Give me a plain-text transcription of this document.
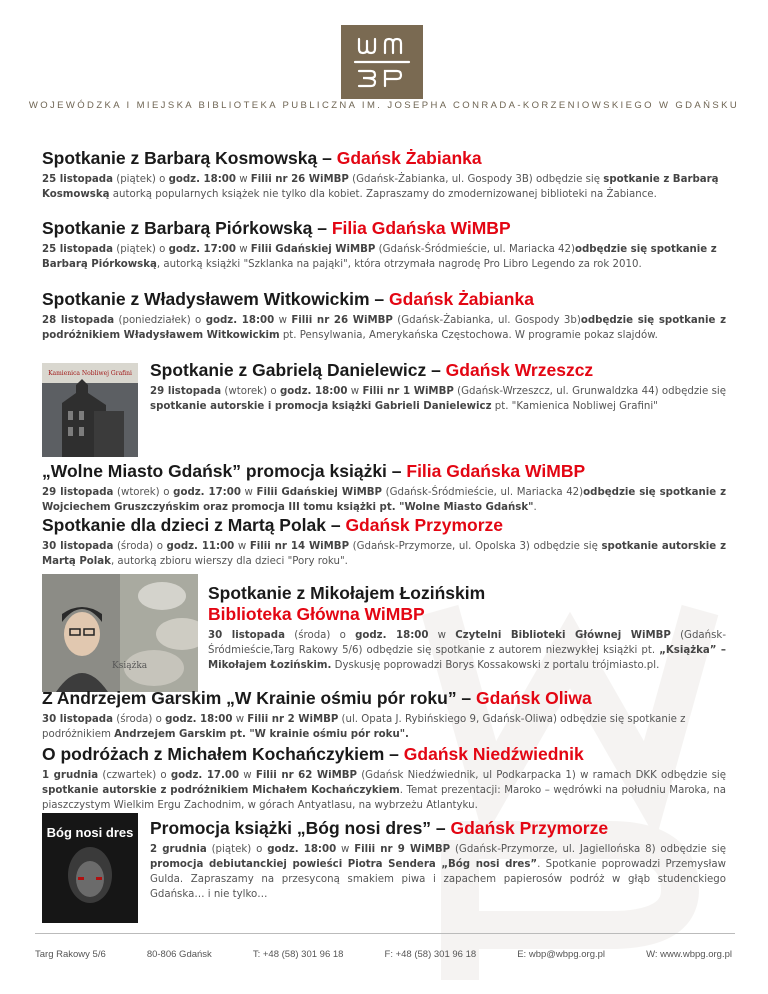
WOJEWÓDZKA I MIEJSKA BIBLIOTEKA PUBLICZNA IM. JOSEPHA CONRADA-KORZENIOWSKIEGO W GDAŃSKU
Spotkanie z Barbarą Kosmowską – Gdańsk Żabianka
25 listopada (piątek) o godz. 18:00 w Filii nr 26 WiMBP (Gdańsk-Żabianka, ul. Gospody 3B) odbędzie się spotkanie z Barbarą Kosmowską autorką popularnych książek nie tylko dla kobiet. Zapraszamy do zmodernizowanej biblioteki na Żabiance.
Spotkanie z Barbarą Piórkowską – Filia Gdańska WiMBP
25 listopada (piątek) o godz. 17:00 w Filii Gdańskiej WiMBP (Gdańsk-Śródmieście, ul. Mariacka 42)odbędzie się spotkanie z Barbarą Piórkowską, autorką książki "Szklanka na pająki", która otrzymała nagrodę Pro Libro Legendo za rok 2010.
Spotkanie z Władysławem Witkowickim – Gdańsk Żabianka
28 listopada (poniedziałek) o godz. 18:00 w Filii nr 26 WiMBP (Gdańsk-Żabianka, ul. Gospody 3b)odbędzie się spotkanie z podróżnikiem Władysławem Witkowickim pt. Pensylwania, Amerykańska Częstochowa. W programie pokaz slajdów.
Kamienica Nobliwej Grafini Spotkanie z Gabrielą Danielewicz – Gdańsk Wrzeszcz
29 listopada (wtorek) o godz. 18:00 w Filii nr 1 WiMBP (Gdańsk-Wrzeszcz, ul. Grunwaldzka 44) odbędzie się spotkanie autorskie i promocja książki Gabrieli Danielewicz pt. "Kamienica Nobliwej Grafini"
„Wolne Miasto Gdańsk” promocja książki – Filia Gdańska WiMBP
29 listopada (wtorek) o godz. 17:00 w Filii Gdańskiej WiMBP (Gdańsk-Śródmieście, ul. Mariacka 42)odbędzie się spotkanie z Wojciechem Gruszczyńskim oraz promocja III tomu książki pt. "Wolne Miasto Gdańsk".
Spotkanie dla dzieci z Martą Polak – Gdańsk Przymorze
30 listopada (środa) o godz. 11:00 w Filii nr 14 WiMBP (Gdańsk-Przymorze, ul. Opolska 3) odbędzie się spotkanie autorskie z Martą Polak, autorką zbioru wierszy dla dzieci "Pory roku".
Książka
Spotkanie z Mikołajem Łozińskim
Biblioteka Główna WiMBP
30 listopada (środa) o godz. 18:00 w Czytelni Biblioteki Głównej WiMBP (Gdańsk-Śródmieście,Targ Rakowy 5/6) odbędzie się spotkanie z autorem niezwykłej książki pt. „Książka” – Mikołajem Łozińskim. Dyskusję poprowadzi Borys Kossakowski z portalu trójmiasto.pl.
Z Andrzejem Garskim „W Krainie ośmiu pór roku” – Gdańsk Oliwa
30 listopada (środa) o godz. 18:00 w Filii nr 2 WiMBP (ul. Opata J. Rybińskiego 9, Gdańsk-Oliwa) odbędzie się spotkanie z podróżnikiem Andrzejem Garskim pt. "W krainie ośmiu pór roku".
O podróżach z Michałem Kochańczykiem – Gdańsk Niedźwiednik
1 grudnia (czwartek) o godz. 17.00 w Filii nr 62 WiMBP (Gdańsk Niedźwiednik, ul Podkarpacka 1) w ramach DKK odbędzie się spotkanie autorskie z podróżnikiem Michałem Kochańczykiem. Temat prezentacji: Maroko – wędrówki na południu Maroka, na piaszczystym Wielkim Ergu Zachodnim, w górach Antyatlasu, na wybrzeżu Atlantyku.
Bóg nosi dres Promocja książki „Bóg nosi dres” – Gdańsk Przymorze
2 grudnia (piątek) o godz. 18:00 w Filii nr 9 WiMBP (Gdańsk-Przymorze, ul. Jagiellońska 8) odbędzie się promocja debiutanckiej powieści Piotra Sendera „Bóg nosi dres”. Spotkanie poprowadzi Przemysław Gulda. Zapraszamy na przesyconą smakiem piwa i zapachem papierosów podróż w głąb studenckiego Gdańska… i nie tylko…
Targ Rakowy 5/6	80-806 Gdańsk	T: +48 (58) 301 96 18	F: +48 (58) 301 96 18	E: wbp@wbpg.org.pl	W: www.wbpg.org.pl
